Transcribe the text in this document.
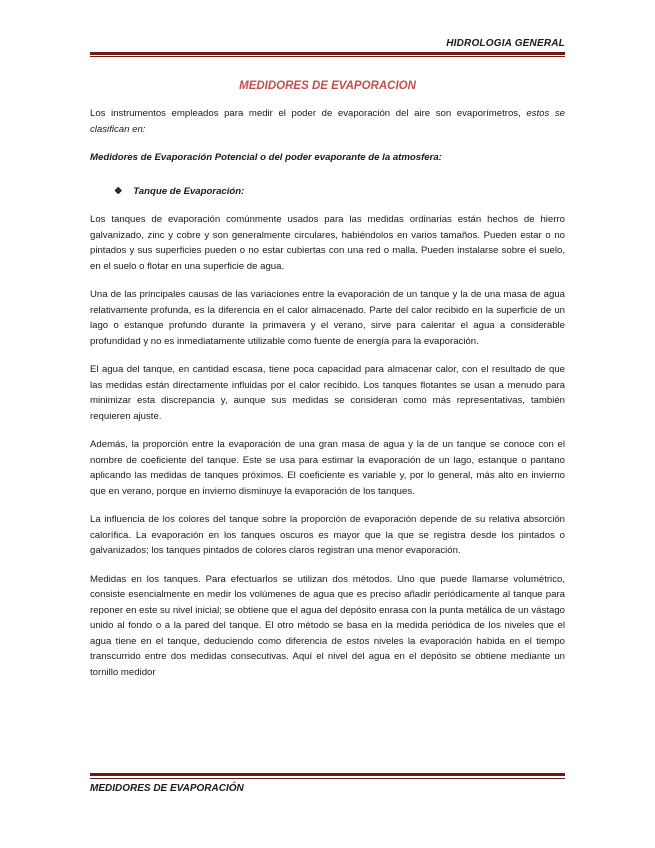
HIDROLOGIA GENERAL
MEDIDORES DE EVAPORACION

Los instrumentos empleados para medir el poder de evaporación del aire son evaporímetros, estos se clasifican en:

Medidores de Evaporación Potencial o del poder evaporante de la atmosfera:

❖ Tanque de Evaporación:

Los tanques de evaporación comúnmente usados para las medidas ordinarias están hechos de hierro galvanizado, zinc y cobre y son generalmente circulares, habiéndolos en varios tamaños. Pueden estar o no pintados y sus superficies pueden o no estar cubiertas con una red o malla. Pueden instalarse sobre el suelo, en el suelo o flotar en una superficie de agua.

Una de las principales causas de las variaciones entre la evaporación de un tanque y la de una masa de agua relativamente profunda, es la diferencia en el calor almacenado. Parte del calor recibido en la superficie de un lago o estanque profundo durante la primavera y el verano, sirve para calentar el agua a considerable profundidad y no es inmediatamente utilizable como fuente de energía para la evaporación.

El agua del tanque, en cantidad escasa, tiene poca capacidad para almacenar calor, con el resultado de que las medidas están directamente influidas por el calor recibido. Los tanques flotantes se usan a menudo para minimizar esta discrepancia y, aunque sus medidas se consideran como más representativas, también requieren ajuste.

Además, la proporción entre la evaporación de una gran masa de agua y la de un tanque se conoce con el nombre de coeficiente del tanque. Este se usa para estimar la evaporación de un lago, estanque o pantano aplicando las medidas de tanques próximos. El coeficiente es variable y, por lo general, más alto en invierno que en verano, porque en invierno disminuye la evaporación de los tanques.

La influencia de los colores del tanque sobre la proporción de evaporación depende de su relativa absorción calorífica. La evaporación en los tanques oscuros es mayor que la que se registra desde los pintados o galvanizados; los tanques pintados de colores claros registran una menor evaporación.

Medidas en los tanques. Para efectuarlos se utilizan dos métodos. Uno que puede llamarse volumétrico, consiste esencialmente en medir los volúmenes de agua que es preciso añadir periódicamente al tanque para reponer en este su nivel inicial; se obtiene que el agua del depósito enrasa con la punta metálica de un vástago unido al fondo o a la pared del tanque. El otro método se basa en la medida periódica de los niveles que el agua tiene en el tanque, deduciendo como diferencia de estos niveles la evaporación habida en el tiempo transcurrido entre dos medidas consecutivas. Aquí el nivel del agua en el depósito se obtiene mediante un tornillo medidor

MEDIDORES DE EVAPORACIÓN
